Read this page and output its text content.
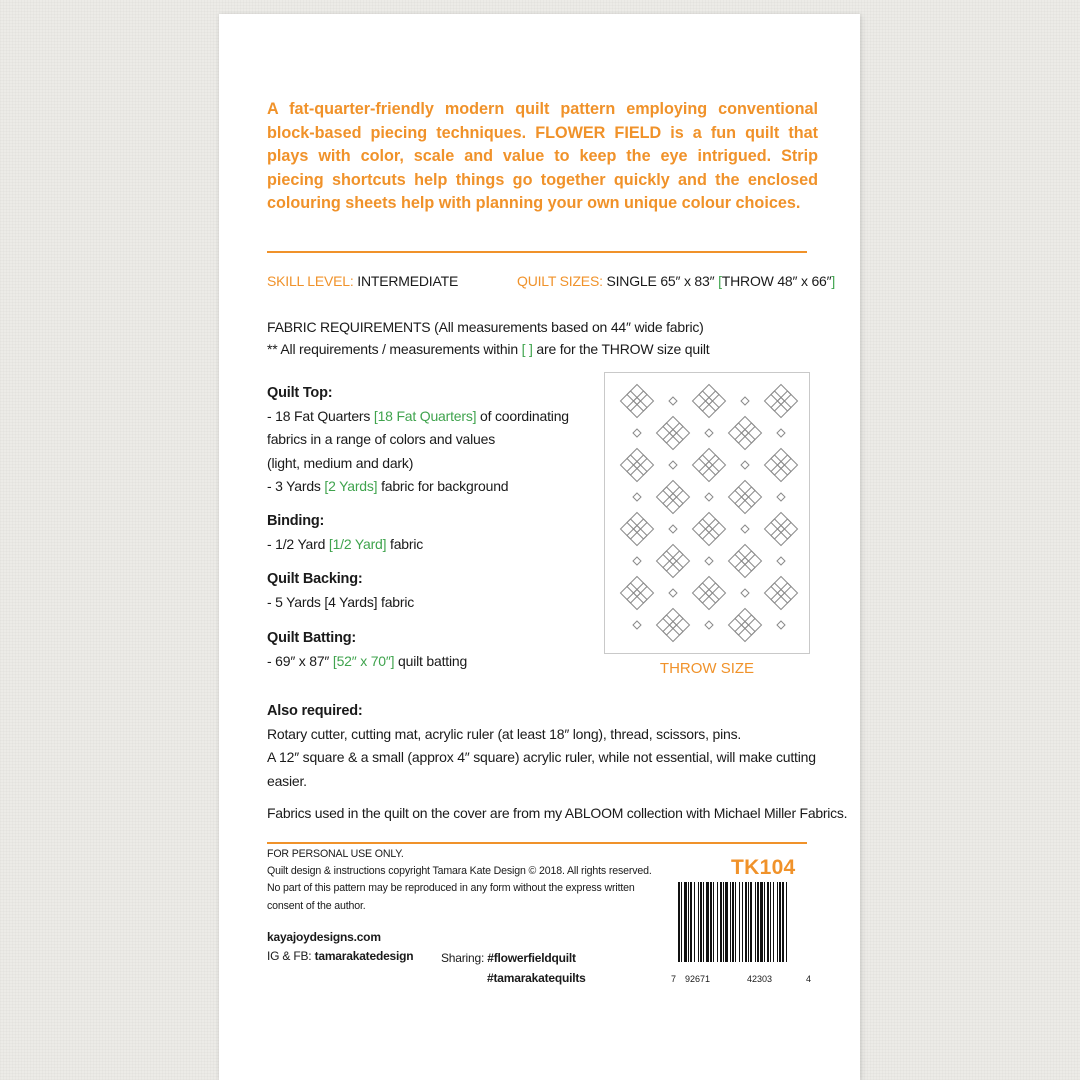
A fat-quarter-friendly modern quilt pattern employing conventional block-based piecing techniques. FLOWER FIELD is a fun quilt that plays with color, scale and value to keep the eye intrigued. Strip piecing shortcuts help things go together quickly and the enclosed colouring sheets help with planning your own unique colour choices.

SKILL LEVEL: INTERMEDIATE	QUILT SIZES: SINGLE 65″ x 83″ [THROW 48″ x 66″]
FABRIC REQUIREMENTS (All measurements based on 44″ wide fabric)
** All requirements / measurements within [ ] are for the THROW size quilt
Quilt Top:
- 18 Fat Quarters [18 Fat Quarters] of coordinating
fabrics in a range of colors and values
(light, medium and dark)
- 3 Yards [2 Yards] fabric for background
Binding:
- 1/2 Yard [1/2 Yard] fabric
Quilt Backing:
- 5 Yards [4 Yards] fabric
Quilt Batting:
- 69″ x 87″ [52″ x 70″] quilt batting
Also required:
Rotary cutter, cutting mat, acrylic ruler (at least 18″ long), thread, scissors, pins.
A 12″ square & a small (approx 4″ square) acrylic ruler, while not essential, will make cutting easier.
Fabrics used in the quilt on the cover are from my ABLOOM collection with Michael Miller Fabrics.
THROW SIZE
FOR PERSONAL USE ONLY.
Quilt design & instructions copyright Tamara Kate Design © 2018. All rights reserved.
No part of this pattern may be reproduced in any form without the express written
consent of the author.
TK104
kayajoydesigns.com
IG & FB: tamarakatedesign Sharing: #flowerfieldquilt
#tamarakatequilts	7 92671	42303	4
